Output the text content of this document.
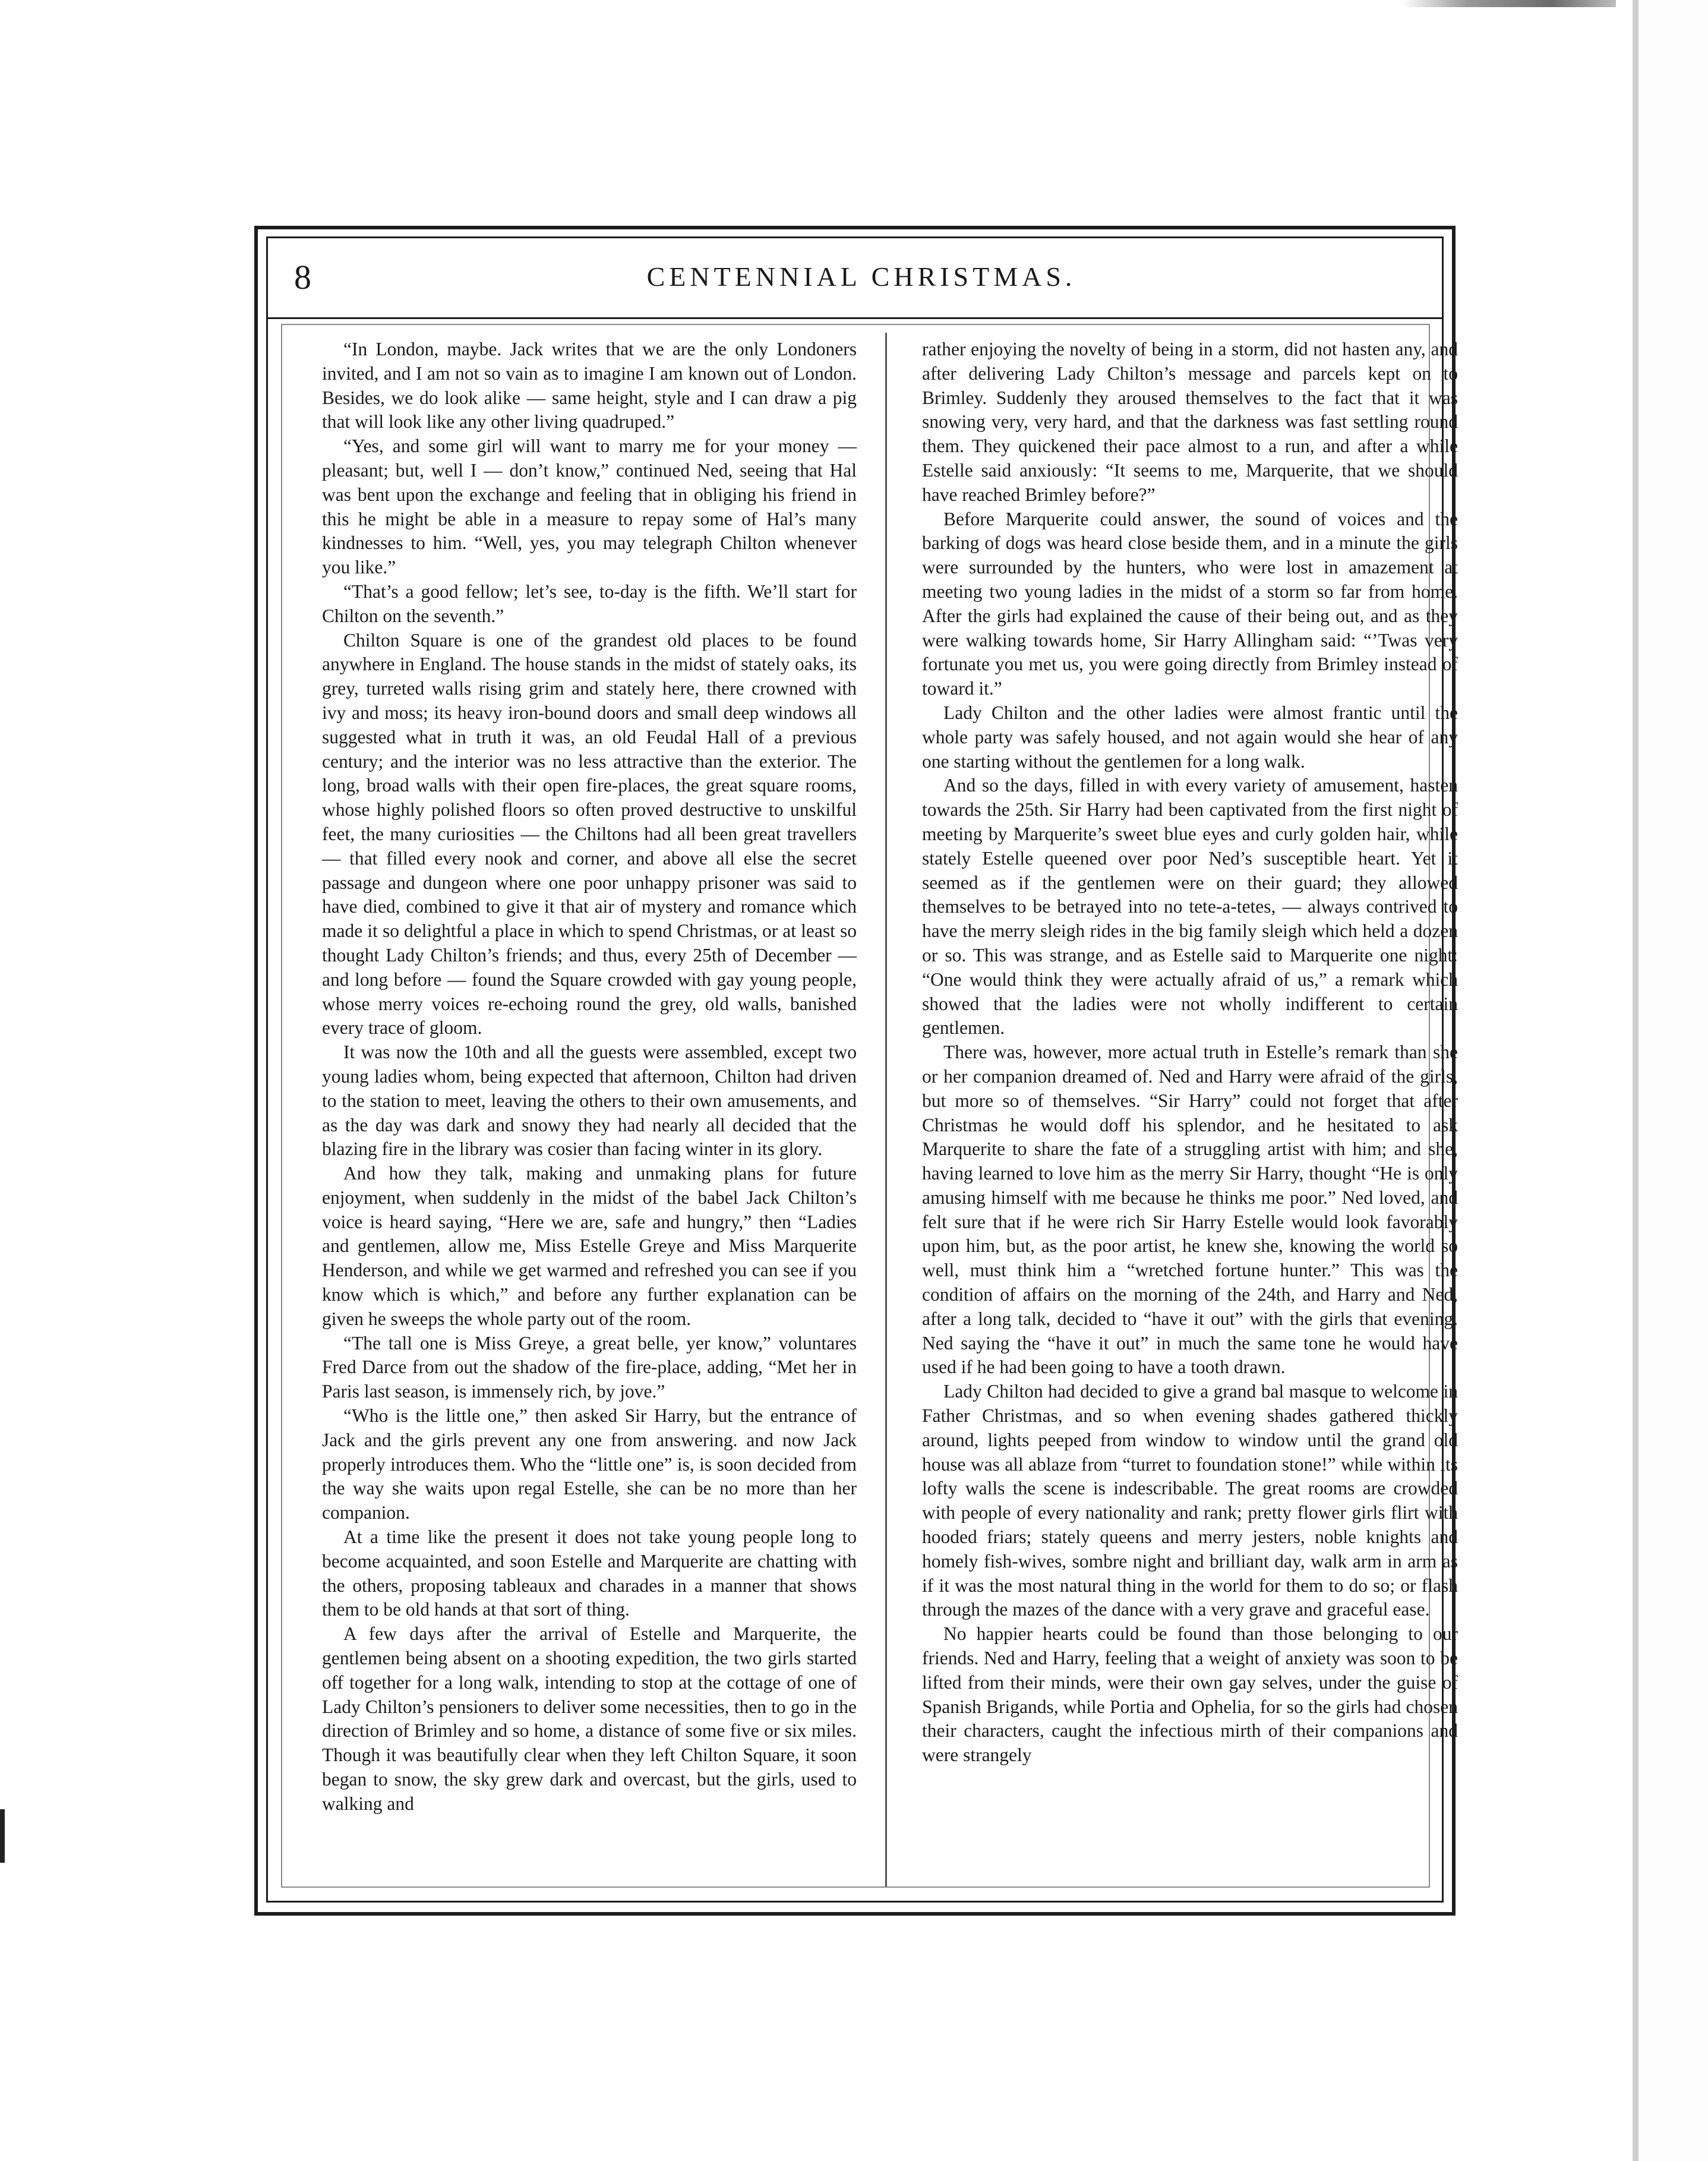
8	CENTENNIAL CHRISTMAS.

“In London, maybe. Jack writes that we are the only Londoners invited, and I am not so vain as to imagine I am known out of London. Besides, we do look alike — same height, style and I can draw a pig that will look like any other living quadruped.”

“Yes, and some girl will want to marry me for your money — pleasant; but, well I — don’t know,” continued Ned, seeing that Hal was bent upon the exchange and feeling that in obliging his friend in this he might be able in a measure to repay some of Hal’s many kindnesses to him. “Well, yes, you may telegraph Chilton whenever you like.”

“That’s a good fellow; let’s see, to-day is the fifth. We’ll start for Chilton on the seventh.”

Chilton Square is one of the grandest old places to be found anywhere in England. The house stands in the midst of stately oaks, its grey, turreted walls rising grim and stately here, there crowned with ivy and moss; its heavy iron-bound doors and small deep windows all suggested what in truth it was, an old Feudal Hall of a previous century; and the interior was no less attractive than the exterior. The long, broad walls with their open fire-places, the great square rooms, whose highly polished floors so often proved destructive to unskilful feet, the many curiosities — the Chiltons had all been great travellers — that filled every nook and corner, and above all else the secret passage and dungeon where one poor unhappy prisoner was said to have died, combined to give it that air of mystery and romance which made it so delightful a place in which to spend Christmas, or at least so thought Lady Chilton’s friends; and thus, every 25th of December — and long before — found the Square crowded with gay young people, whose merry voices re-echoing round the grey, old walls, banished every trace of gloom.

It was now the 10th and all the guests were assembled, except two young ladies whom, being expected that afternoon, Chilton had driven to the station to meet, leaving the others to their own amusements, and as the day was dark and snowy they had nearly all decided that the blazing fire in the library was cosier than facing winter in its glory.

And how they talk, making and unmaking plans for future enjoyment, when suddenly in the midst of the babel Jack Chilton’s voice is heard saying, “Here we are, safe and hungry,” then “Ladies and gentlemen, allow me, Miss Estelle Greye and Miss Marquerite Henderson, and while we get warmed and refreshed you can see if you know which is which,” and before any further explanation can be given he sweeps the whole party out of the room.

“The tall one is Miss Greye, a great belle, yer know,” voluntares Fred Darce from out the shadow of the fire-place, adding, “Met her in Paris last season, is immensely rich, by jove.”

“Who is the little one,” then asked Sir Harry, but the entrance of Jack and the girls prevent any one from answering. and now Jack properly introduces them. Who the “little one” is, is soon decided from the way she waits upon regal Estelle, she can be no more than her companion.

At a time like the present it does not take young people long to become acquainted, and soon Estelle and Marquerite are chatting with the others, proposing tableaux and charades in a manner that shows them to be old hands at that sort of thing.

A few days after the arrival of Estelle and Marquerite, the gentlemen being absent on a shooting expedition, the two girls started off together for a long walk, intending to stop at the cottage of one of Lady Chilton’s pensioners to deliver some necessities, then to go in the direction of Brimley and so home, a distance of some five or six miles. Though it was beautifully clear when they left Chilton Square, it soon began to snow, the sky grew dark and overcast, but the girls, used to walking and

rather enjoying the novelty of being in a storm, did not hasten any, and after delivering Lady Chilton’s message and parcels kept on to Brimley. Suddenly they aroused themselves to the fact that it was snowing very, very hard, and that the darkness was fast settling round them. They quickened their pace almost to a run, and after a while Estelle said anxiously: “It seems to me, Marquerite, that we should have reached Brimley before?”

Before Marquerite could answer, the sound of voices and the barking of dogs was heard close beside them, and in a minute the girls were surrounded by the hunters, who were lost in amazement at meeting two young ladies in the midst of a storm so far from home. After the girls had explained the cause of their being out, and as they were walking towards home, Sir Harry Allingham said: “’Twas very fortunate you met us, you were going directly from Brimley instead of toward it.”

Lady Chilton and the other ladies were almost frantic until the whole party was safely housed, and not again would she hear of any one starting without the gentlemen for a long walk.

And so the days, filled in with every variety of amusement, hasten towards the 25th. Sir Harry had been captivated from the first night of meeting by Marquerite’s sweet blue eyes and curly golden hair, while stately Estelle queened over poor Ned’s susceptible heart. Yet it seemed as if the gentlemen were on their guard; they allowed themselves to be betrayed into no tete-a-tetes, — always contrived to have the merry sleigh rides in the big family sleigh which held a dozen or so. This was strange, and as Estelle said to Marquerite one night: “One would think they were actually afraid of us,” a remark which showed that the ladies were not wholly indifferent to certain gentlemen.

There was, however, more actual truth in Estelle’s remark than she or her companion dreamed of. Ned and Harry were afraid of the girls, but more so of themselves. “Sir Harry” could not forget that after Christmas he would doff his splendor, and he hesitated to ask Marquerite to share the fate of a struggling artist with him; and she, having learned to love him as the merry Sir Harry, thought “He is only amusing himself with me because he thinks me poor.” Ned loved, and felt sure that if he were rich Sir Harry Estelle would look favorably upon him, but, as the poor artist, he knew she, knowing the world so well, must think him a “wretched fortune hunter.” This was the condition of affairs on the morning of the 24th, and Harry and Ned, after a long talk, decided to “have it out” with the girls that evening. Ned saying the “have it out” in much the same tone he would have used if he had been going to have a tooth drawn.

Lady Chilton had decided to give a grand bal masque to welcome in Father Christmas, and so when evening shades gathered thickly around, lights peeped from window to window until the grand old house was all ablaze from “turret to foundation stone!” while within its lofty walls the scene is indescribable. The great rooms are crowded with people of every nationality and rank; pretty flower girls flirt with hooded friars; stately queens and merry jesters, noble knights and homely fish-wives, sombre night and brilliant day, walk arm in arm as if it was the most natural thing in the world for them to do so; or flash through the mazes of the dance with a very grave and graceful ease.

No happier hearts could be found than those belonging to our friends. Ned and Harry, feeling that a weight of anxiety was soon to be lifted from their minds, were their own gay selves, under the guise of Spanish Brigands, while Portia and Ophelia, for so the girls had chosen their characters, caught the infectious mirth of their companions and were strangely
